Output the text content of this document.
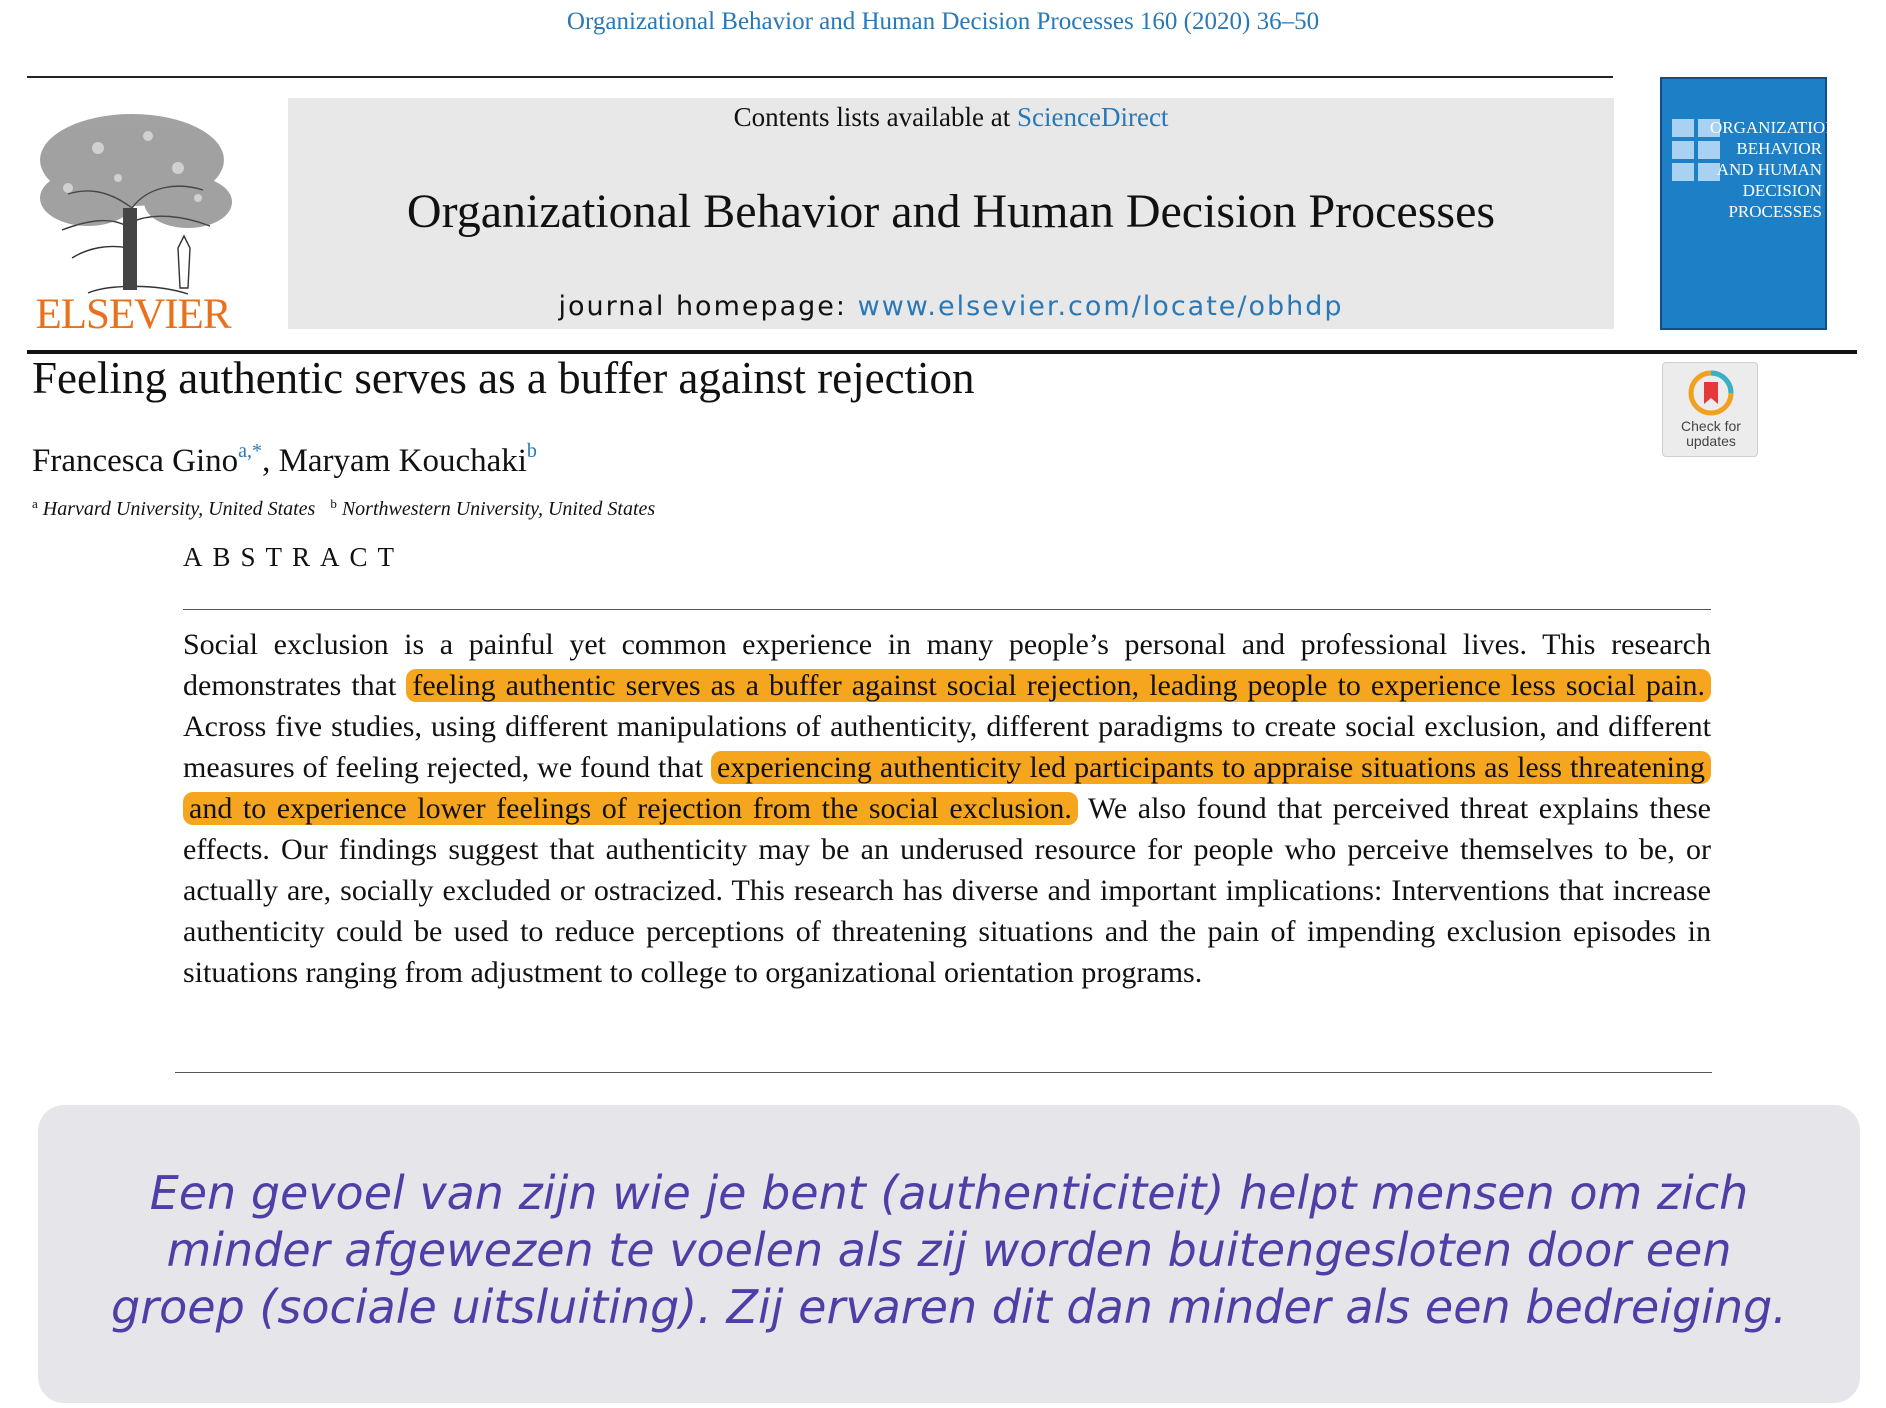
Organizational Behavior and Human Decision Processes 160 (2020) 36–50

ELSEVIER

Contents lists available at ScienceDirect

Organizational Behavior and Human Decision Processes

journal homepage: www.elsevier.com/locate/obhdp

ORGANIZATIONAL BEHAVIOR AND HUMAN DECISION PROCESSES

Feeling authentic serves as a buffer against rejection

Francesca Gino$^{a,*}$, Maryam Kouchaki$^b$

$^a$ Harvard University, United States $^b$ Northwestern University, United States

Check for
updates

ABSTRACT

Social exclusion is a painful yet common experience in many people’s personal and professional lives. This research demonstrates that feeling authentic serves as a buffer against social rejection, leading people to experience less social pain. Across five studies, using different manipulations of authenticity, different paradigms to create social exclusion, and different measures of feeling rejected, we found that experiencing authenticity led participants to appraise situations as less threatening and to experience lower feelings of rejection from the social exclusion. We also found that perceived threat explains these effects. Our findings suggest that authenticity may be an underused resource for people who perceive themselves to be, or actually are, socially excluded or ostracized. This research has diverse and important implications: Interventions that increase authenticity could be used to reduce perceptions of threatening situations and the pain of impending exclusion episodes in situations ranging from adjustment to college to organizational orientation programs.

Een gevoel van zijn wie je bent (authenticiteit) helpt mensen om zich minder afgewezen te voelen als zij worden buitengesloten door een groep (sociale uitsluiting). Zij ervaren dit dan minder als een bedreiging.
